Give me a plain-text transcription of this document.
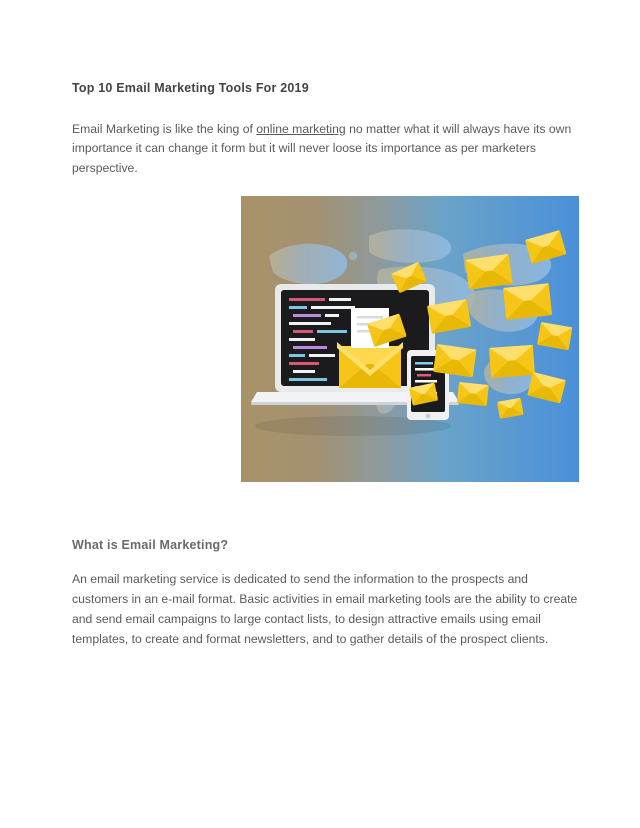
Top 10 Email Marketing Tools For 2019

Email Marketing is like the king of online marketing no matter what it will always have its own importance it can change it form but it will never loose its importance as per marketers perspective.

What is Email Marketing?

An email marketing service is dedicated to send the information to the prospects and customers in an e-mail format. Basic activities in email marketing tools are the ability to create and send email campaigns to large contact lists, to design attractive emails using email templates, to create and format newsletters, and to gather details of the prospect clients.
